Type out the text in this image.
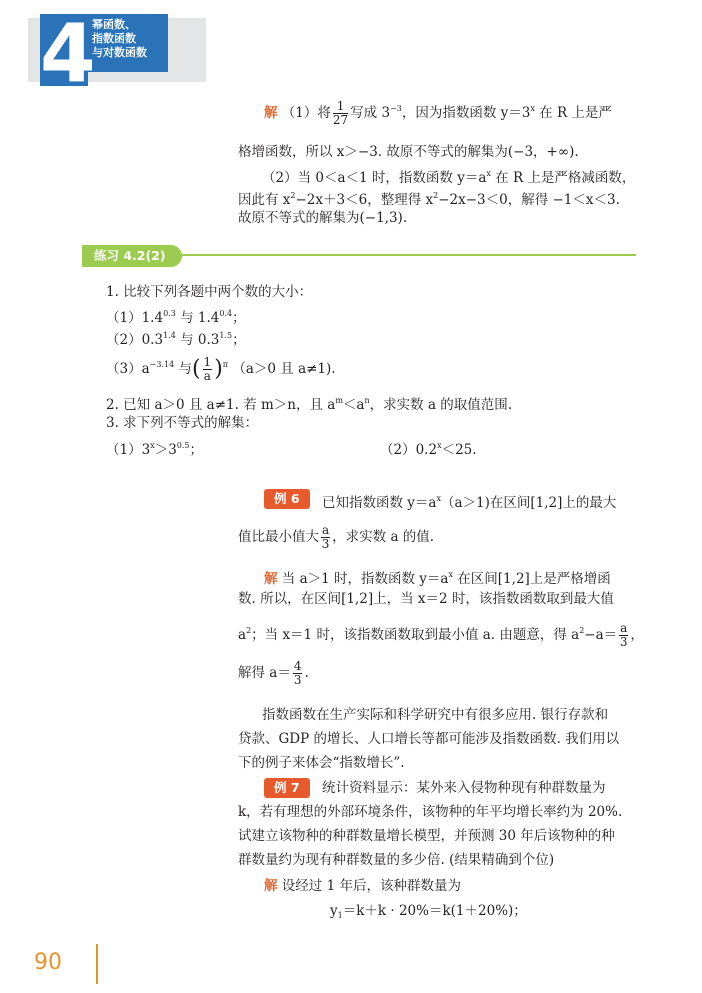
4
幂函数、
指数函数
与对数函数
解 （1）将 $\frac{1}{27}$ 写成 $3^{-3}$，因为指数函数 $y=3^x$ 在 R 上是严
格增函数，所以 x＞−3. 故原不等式的解集为(−3，+∞).
（2）当 0＜a＜1 时，指数函数 $y=a^x$ 在 R 上是严格减函数，
因此有 $x^2-2x+3<6$，整理得 $x^2-2x-3<0$，解得 −1＜x＜3.
故原不等式的解集为(−1,3).
练习 4.2(2)
1. 比较下列各题中两个数的大小：
$(1)1.4^{0.3}$ 与 $1.4^{0.4}$；
$(2)0.3^{1.4}$ 与 $0.3^{1.5}$；
$(3)a^{-3.14}$ 与( $\frac{1}{a} )^\pi$ （a＞0 且 a≠1).
2. 已知 a＞0 且 a≠1. 若 m＞n，且 $a^m<a^n$，求实数 a 的取值范围.
3. 求下列不等式的解集：
$(1)3^x>3^{0.5}$；	$(2)0.2^x<25$.
例 6	已知指数函数 $y=a^x(a>1)$在区间[1,2]上的最大
值比最小值大 $\frac{a}{3}$ ，求实数 a 的值.
解 当 a＞1 时，指数函数 $y=a^x$ 在区间[1,2]上是严格增函
数. 所以，在区间[1,2]上，当 x＝2 时，该指数函数取到最大值
$a^2$；当 x＝1 时，该指数函数取到最小值 a. 由题意，得 $a^2-a= \frac{a}{3}$ ，
解得 $a= \frac{4}{3}$ .
指数函数在生产实际和科学研究中有很多应用. 银行存款和
贷款、GDP 的增长、人口增长等都可能涉及指数函数. 我们用以
下的例子来体会“指数增长”.
例 7	统计资料显示：某外来入侵物种现有种群数量为
k，若有理想的外部环境条件，该物种的年平均增长率约为 20%.
试建立该物种的种群数量增长模型，并预测 30 年后该物种的种
群数量约为现有种群数量的多少倍. (结果精确到个位)
解 设经过 1 年后，该种群数量为
$y_1=k+k \cdot 20\%=k(1+20\%)$；
90
